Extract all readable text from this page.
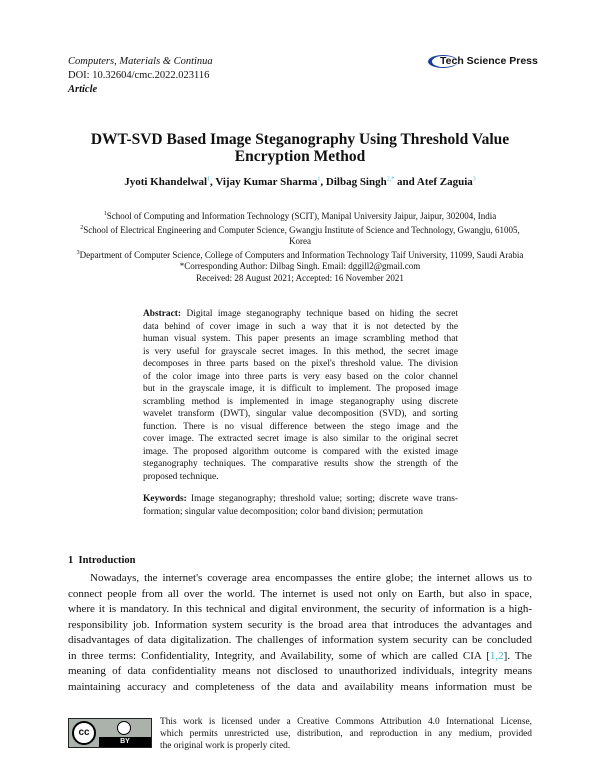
Computers, Materials & Continua
DOI: 10.32604/cmc.2022.023116
Article
Tech Science Press
DWT-SVD Based Image Steganography Using Threshold Value Encryption Method
Jyoti Khandelwal$^1$, Vijay Kumar Sharma$^1$, Dilbag Singh$^{2,*}$ and Atef Zaguia$^3$
$^1$School of Computing and Information Technology (SCIT), Manipal University Jaipur, Jaipur, 302004, India
$^2$School of Electrical Engineering and Computer Science, Gwangju Institute of Science and Technology, Gwangju, 61005, Korea
$^3$Department of Computer Science, College of Computers and Information Technology Taif University, 11099, Saudi Arabia
*Corresponding Author: Dilbag Singh. Email: dggill2@gmail.com
Received: 28 August 2021; Accepted: 16 November 2021
Abstract: Digital image steganography technique based on hiding the secret
data behind of cover image in such a way that it is not detected by the
human visual system. This paper presents an image scrambling method that
is very useful for grayscale secret images. In this method, the secret image
decomposes in three parts based on the pixel's threshold value. The division
of the color image into three parts is very easy based on the color channel
but in the grayscale image, it is difficult to implement. The proposed image
scrambling method is implemented in image steganography using discrete
wavelet transform (DWT), singular value decomposition (SVD), and sorting
function. There is no visual difference between the stego image and the
cover image. The extracted secret image is also similar to the original secret
image. The proposed algorithm outcome is compared with the existed image
steganography techniques. The comparative results show the strength of the
proposed technique.
Keywords: Image steganography; threshold value; sorting; discrete wave trans-
formation; singular value decomposition; color band division; permutation
1 Introduction
Nowadays, the internet's coverage area encompasses the entire globe; the internet allows us to
connect people from all over the world. The internet is used not only on Earth, but also in space,
where it is mandatory. In this technical and digital environment, the security of information is a high-
responsibility job. Information system security is the broad area that introduces the advantages and
disadvantages of data digitalization. The challenges of information system security can be concluded
in three terms: Confidentiality, Integrity, and Availability, some of which are called CIA [1,2]. The
meaning of data confidentiality means not disclosed to unauthorized individuals, integrity means
maintaining accuracy and completeness of the data and availability means information must be
cc
BY
This work is licensed under a Creative Commons Attribution 4.0 International License,
which permits unrestricted use, distribution, and reproduction in any medium, provided
the original work is properly cited.
